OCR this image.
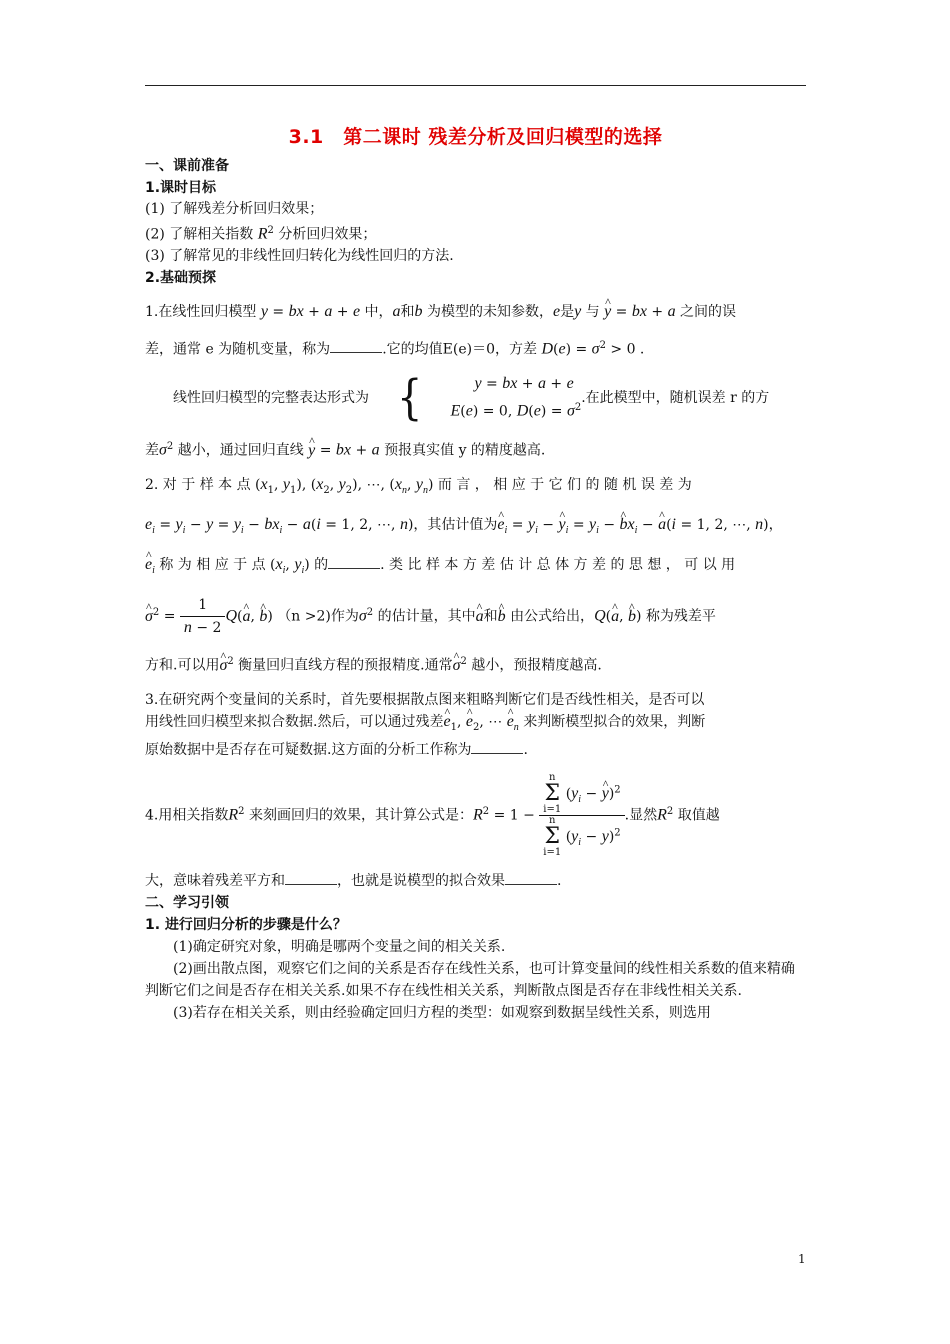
3.1　第二课时 残差分析及回归模型的选择
一、课前准备
1.课时目标
(1) 了解残差分析回归效果；
(2) 了解相关指数 $R^2$ 分析回归效果；
(3) 了解常见的非线性回归转化为线性回归的方法.
2.基础预探
1.在线性回归模型 y = bx + a + e 中，a和b 为模型的未知参数，e是y 与 ^ y = bx + a 之间的误
差，通常 e 为随机变量，称为	.它的均值E(e)＝0，方差 $D(e) = \sigma^2 > 0$ .
线性回归模型的完整表达形式为 {	y = bx + a + e
E(e) = 0, $D(e) = \sigma^2$
.在此模型中，随机误差 r 的方
差$\sigma^2$ 越小，通过回归直线 ^ y = bx + a 预报真实值 y 的精度越高.
2. 对 于 样 本 点 ($x_1$, $y_1$), ($x_2$, $y_2$), ⋯, ($x_n$, $y_n$) 而 言 ， 相 应 于 它 们 的 随 机 误 差 为
$e_i = y_i - y = y_i - bx_i - a(i = 1$, 2, ⋯, n)，其估计值为^ $e_i = y_i$ − ^ $y_i = y_i$ − ^ $bx_i$ − ^ a(i = 1, 2, ⋯, n)，
^ $e_i$ 称 为 相 应 于 点 ($x_i$, $y_i$) 的	. 类 比 样 本 方 差 估 计 总 体 方 差 的 思 想 ， 可 以 用
^ $\sigma^2 = \frac{1}{n - 2}$ Q(^ a, ^ b) （n >2)作为$\sigma^2$ 的估计量，其中^ a和^ b 由公式给出，Q(^ a, ^ b) 称为残差平
方和.可以用^ $\sigma^2$ 衡量回归直线方程的预报精度.通常^ $\sigma^2$ 越小，预报精度越高.
3.在研究两个变量间的关系时，首先要根据散点图来粗略判断它们是否线性相关，是否可以
用线性回归模型来拟合数据.然后，可以通过残差^ $e_1$, ^ $e_2$, ⋯ ^ $e_n$ 来判断模型拟合的效果，判断
原始数据中是否存在可疑数据.这方面的分析工作称为	.
4.用相关指数$R^2$ 来刻画回归的效果，其计算公式是：$R^2 = 1 - n$
Σ
i=1 ($y_i$ − ^ y)$^2$
n
Σ
i=1 $(y_i - y)^2$ .显然$R^2$ 取值越
大，意味着残差平方和	，也就是说模型的拟合效果	.
二、学习引领
1. 进行回归分析的步骤是什么？
(1)确定研究对象，明确是哪两个变量之间的相关关系.
(2)画出散点图，观察它们之间的关系是否存在线性关系，也可计算变量间的线性相关系数的值来精确判断它们之间是否存在相关关系.如果不存在线性相关关系，判断散点图是否存在非线性相关关系.
(3)若存在相关关系，则由经验确定回归方程的类型：如观察到数据呈线性关系，则选用
1
